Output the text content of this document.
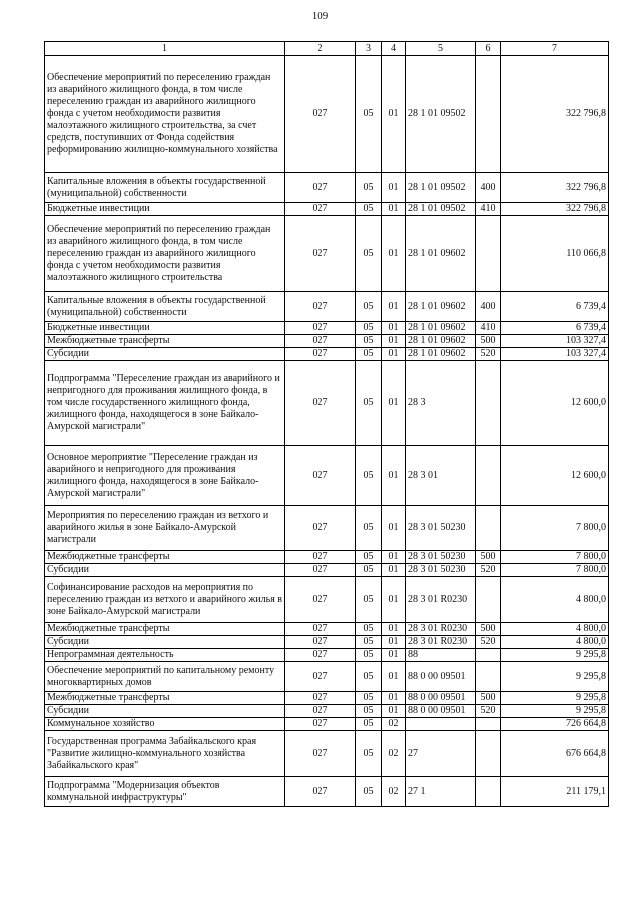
109
1	2	3	4	5	6	7
Обеспечение мероприятий по переселению граждан из аварийного жилищного фонда, в том числе переселению граждан из аварийного жилищного фонда с учетом необходимости развития малоэтажного жилищного строительства, за счет средств, поступивших от Фонда содействия реформированию жилищно-коммунального хозяйства	027	05	01	28 1 01 09502		322 796,8
Капитальные вложения в объекты государственной (муниципальной) собственности	027	05	01	28 1 01 09502	400	322 796,8
Бюджетные инвестиции	027	05	01	28 1 01 09502	410	322 796,8
Обеспечение мероприятий по переселению граждан из аварийного жилищного фонда, в том числе переселению граждан из аварийного жилищного фонда с учетом необходимости развития малоэтажного жилищного строительства	027	05	01	28 1 01 09602		110 066,8
Капитальные вложения в объекты государственной (муниципальной) собственности	027	05	01	28 1 01 09602	400	6 739,4
Бюджетные инвестиции	027	05	01	28 1 01 09602	410	6 739,4
Межбюджетные трансферты	027	05	01	28 1 01 09602	500	103 327,4
Субсидии	027	05	01	28 1 01 09602	520	103 327,4
Подпрограмма "Переселение граждан из аварийного и непригодного для проживания жилищного фонда, в том числе государственного жилищного фонда, жилищного фонда, находящегося в зоне Байкало-Амурской магистрали"	027	05	01	28 3		12 600,0
Основное мероприятие "Переселение граждан из аварийного и непригодного для проживания жилищного фонда, находящегося в зоне Байкало-Амурской магистрали"	027	05	01	28 3 01		12 600,0
Мероприятия по переселению граждан из ветхого и аварийного жилья в зоне Байкало-Амурской магистрали	027	05	01	28 3 01 50230		7 800,0
Межбюджетные трансферты	027	05	01	28 3 01 50230	500	7 800,0
Субсидии	027	05	01	28 3 01 50230	520	7 800,0
Софинансирование расходов на мероприятия по переселению граждан из ветхого и аварийного жилья в зоне Байкало-Амурской магистрали	027	05	01	28 3 01 R0230		4 800,0
Межбюджетные трансферты	027	05	01	28 3 01 R0230	500	4 800,0
Субсидии	027	05	01	28 3 01 R0230	520	4 800,0
Непрограммная деятельность	027	05	01	88		9 295,8
Обеспечение мероприятий по капитальному ремонту многоквартирных домов	027	05	01	88 0 00 09501		9 295,8
Межбюджетные трансферты	027	05	01	88 0 00 09501	500	9 295,8
Субсидии	027	05	01	88 0 00 09501	520	9 295,8
Коммунальное хозяйство	027	05	02			726 664,8
Государственная программа Забайкальского края "Развитие жилищно-коммунального хозяйства Забайкальского края"	027	05	02	27		676 664,8
Подпрограмма "Модернизация объектов коммунальной инфраструктуры"	027	05	02	27 1		211 179,1
